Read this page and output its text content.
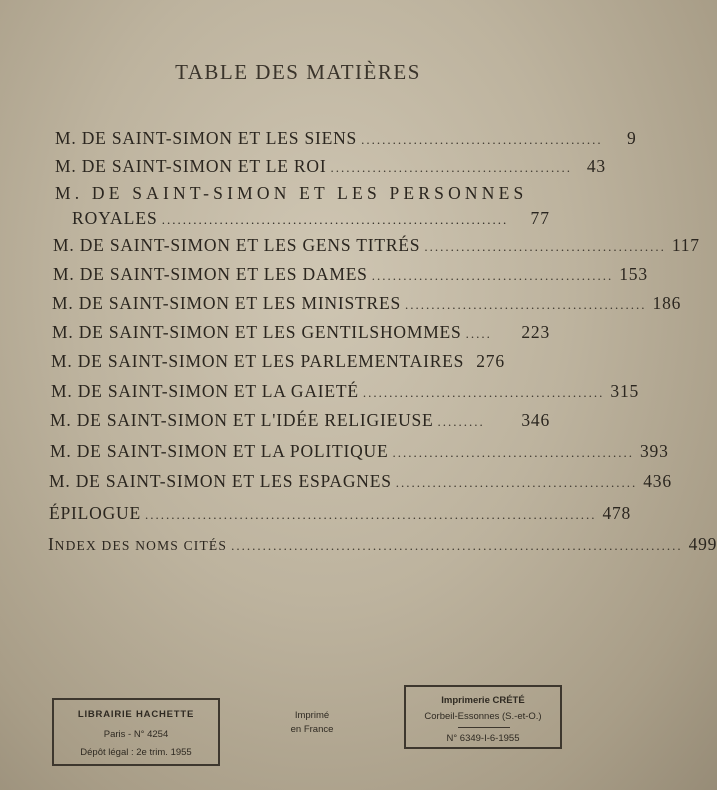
TABLE DES MATIÈRES
M. DE SAINT-SIMON ET LES SIENS ..............................................	9
M. DE SAINT-SIMON ET LE ROI .............................................. 43
M. DE SAINT-SIMON ET LES PERSONNES
ROYALES ..................................................................	77
M. DE SAINT-SIMON ET LES GENS TITRÉS .............................................. 117
M. DE SAINT-SIMON ET LES DAMES .............................................. 153
M. DE SAINT-SIMON ET LES MINISTRES .............................................. 186
M. DE SAINT-SIMON ET LES GENTILSHOMMES .....	223
M. DE SAINT-SIMON ET LES PARLEMENTAIRES 276
M. DE SAINT-SIMON ET LA GAIETÉ .............................................. 315
M. DE SAINT-SIMON ET L'IDÉE RELIGIEUSE .........	346
M. DE SAINT-SIMON ET LA POLITIQUE .............................................. 393
M. DE SAINT-SIMON ET LES ESPAGNES .............................................. 436
ÉPILOGUE ...................................................................................... 478
INDEX DES NOMS CITÉS ...................................................................................... 499
LIBRAIRIE HACHETTE
Paris - N° 4254
Dépôt légal : 2e trim. 1955
Imprimé
en France
Imprimerie CRÉTÉ
Corbeil-Essonnes (S.-et-O.)
N° 6349-I-6-1955
